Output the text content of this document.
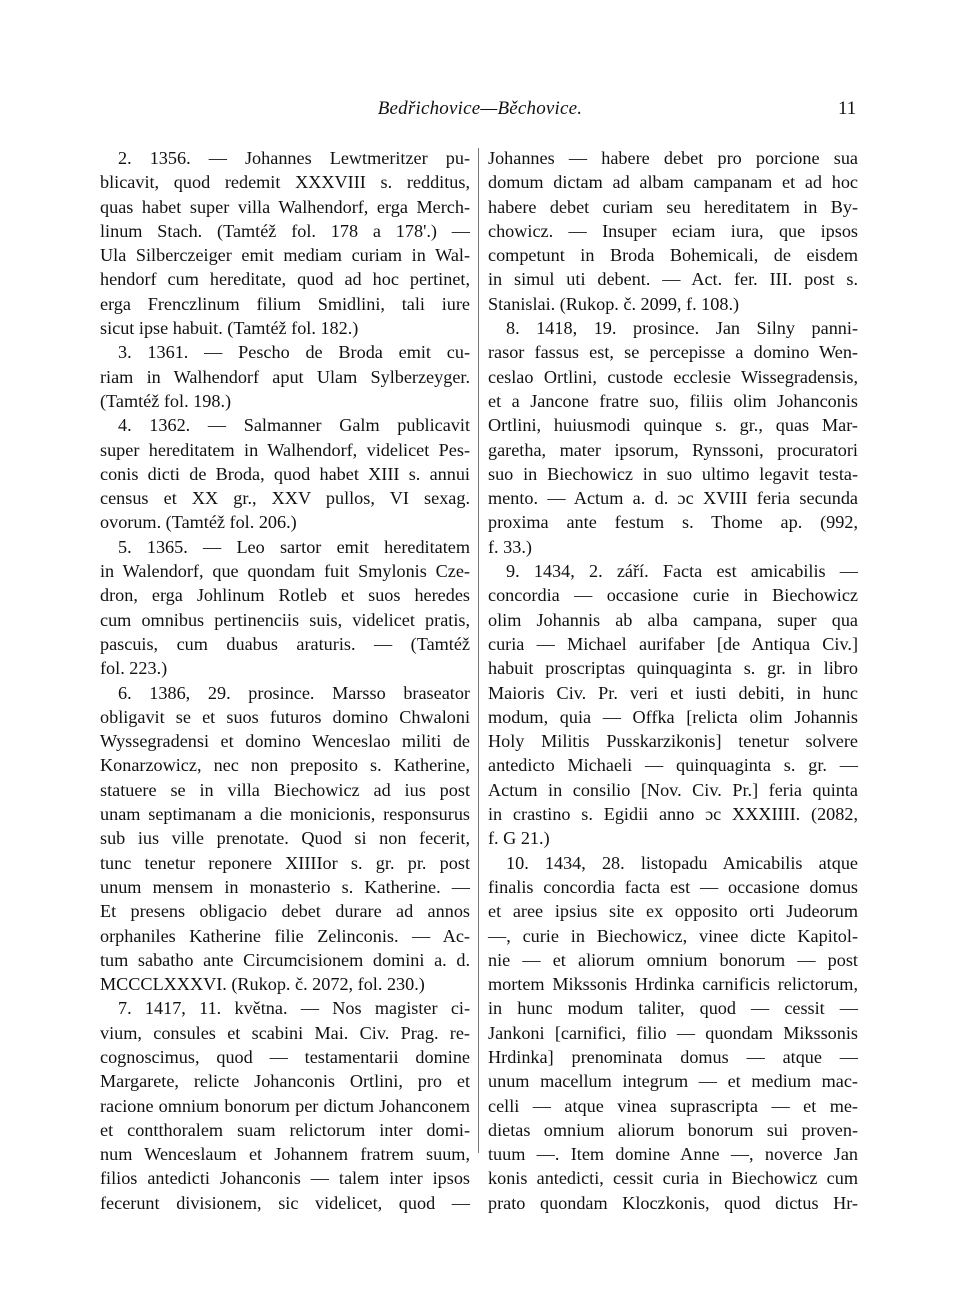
Bedřichovice—Běchovice.	11
2. 1356. — Johannes Lewtmeritzer pu-
blicavit, quod redemit XXXVIII s. redditus,
quas habet super villa Walhendorf, erga Merch-
linum Stach. (Tamtéž fol. 178 a 178'.) —
Ula Silberczeiger emit mediam curiam in Wal-
hendorf cum hereditate, quod ad hoc pertinet,
erga Frenczlinum filium Smidlini, tali iure
sicut ipse habuit. (Tamtéž fol. 182.)
3. 1361. — Pescho de Broda emit cu-
riam in Walhendorf aput Ulam Sylberzeyger.
(Tamtéž fol. 198.)
4. 1362. — Salmanner Galm publicavit
super hereditatem in Walhendorf, videlicet Pes-
conis dicti de Broda, quod habet XIII s. annui
census et XX gr., XXV pullos, VI sexag.
ovorum. (Tamtéž fol. 206.)
5. 1365. — Leo sartor emit hereditatem
in Walendorf, que quondam fuit Smylonis Cze-
dron, erga Johlinum Rotleb et suos heredes
cum omnibus pertinenciis suis, videlicet pratis,
pascuis, cum duabus araturis. — (Tamtéž
fol. 223.)
6. 1386, 29. prosince. Marsso braseator
obligavit se et suos futuros domino Chwaloni
Wyssegradensi et domino Wenceslao militi de
Konarzowicz, nec non preposito s. Katherine,
statuere se in villa Biechowicz ad ius post
unam septimanam a die monicionis, responsurus
sub ius ville prenotate. Quod si non fecerit,
tunc tenetur reponere XIIIIor s. gr. pr. post
unum mensem in monasterio s. Katherine. —
Et presens obligacio debet durare ad annos
orphaniles Katherine filie Zelinconis. — Ac-
tum sabatho ante Circumcisionem domini a. d.
MCCCLXXXVI. (Rukop. č. 2072, fol. 230.)
7. 1417, 11. května. — Nos magister ci-
vium, consules et scabini Mai. Civ. Prag. re-
cognoscimus, quod — testamentarii domine
Margarete, relicte Johanconis Ortlini, pro et
racione omnium bonorum per dictum Johanconem
et contthoralem suam relictorum inter domi-
num Wenceslaum et Johannem fratrem suum,
filios antedicti Johanconis — talem inter ipsos
fecerunt divisionem, sic videlicet, quod —
Johannes — habere debet pro porcione sua
domum dictam ad albam campanam et ad hoc
habere debet curiam seu hereditatem in By-
chowicz. — Insuper eciam iura, que ipsos
competunt in Broda Bohemicali, de eisdem
in simul uti debent. — Act. fer. III. post s.
Stanislai. (Rukop. č. 2099, f. 108.)
8. 1418, 19. prosince. Jan Silny panni-
rasor fassus est, se percepisse a domino Wen-
ceslao Ortlini, custode ecclesie Wissegradensis,
et a Jancone fratre suo, filiis olim Johanconis
Ortlini, huiusmodi quinque s. gr., quas Mar-
garetha, mater ipsorum, Rynssoni, procuratori
suo in Biechowicz in suo ultimo legavit testa-
mento. — Actum a. d. ɔc XVIII feria secunda
proxima ante festum s. Thome ap. (992,
f. 33.)
9. 1434, 2. září. Facta est amicabilis —
concordia — occasione curie in Biechowicz
olim Johannis ab alba campana, super qua
curia — Michael aurifaber [de Antiqua Civ.]
habuit proscriptas quinquaginta s. gr. in libro
Maioris Civ. Pr. veri et iusti debiti, in hunc
modum, quia — Offka [relicta olim Johannis
Holy Militis Pusskarzikonis] tenetur solvere
antedicto Michaeli — quinquaginta s. gr. —
Actum in consilio [Nov. Civ. Pr.] feria quinta
in crastino s. Egidii anno ɔc XXXIIII. (2082,
f. G 21.)
10. 1434, 28. listopadu Amicabilis atque
finalis concordia facta est — occasione domus
et aree ipsius site ex opposito orti Judeorum
—, curie in Biechowicz, vinee dicte Kapitol-
nie — et aliorum omnium bonorum — post
mortem Mikssonis Hrdinka carnificis relictorum,
in hunc modum taliter, quod — cessit —
Jankoni [carnifici, filio — quondam Mikssonis
Hrdinka] prenominata domus — atque —
unum macellum integrum — et medium mac-
celli — atque vinea suprascripta — et me-
dietas omnium aliorum bonorum sui proven-
tuum —. Item domine Anne —, noverce Jan
konis antedicti, cessit curia in Biechowicz cum
prato quondam Kloczkonis, quod dictus Hr-
